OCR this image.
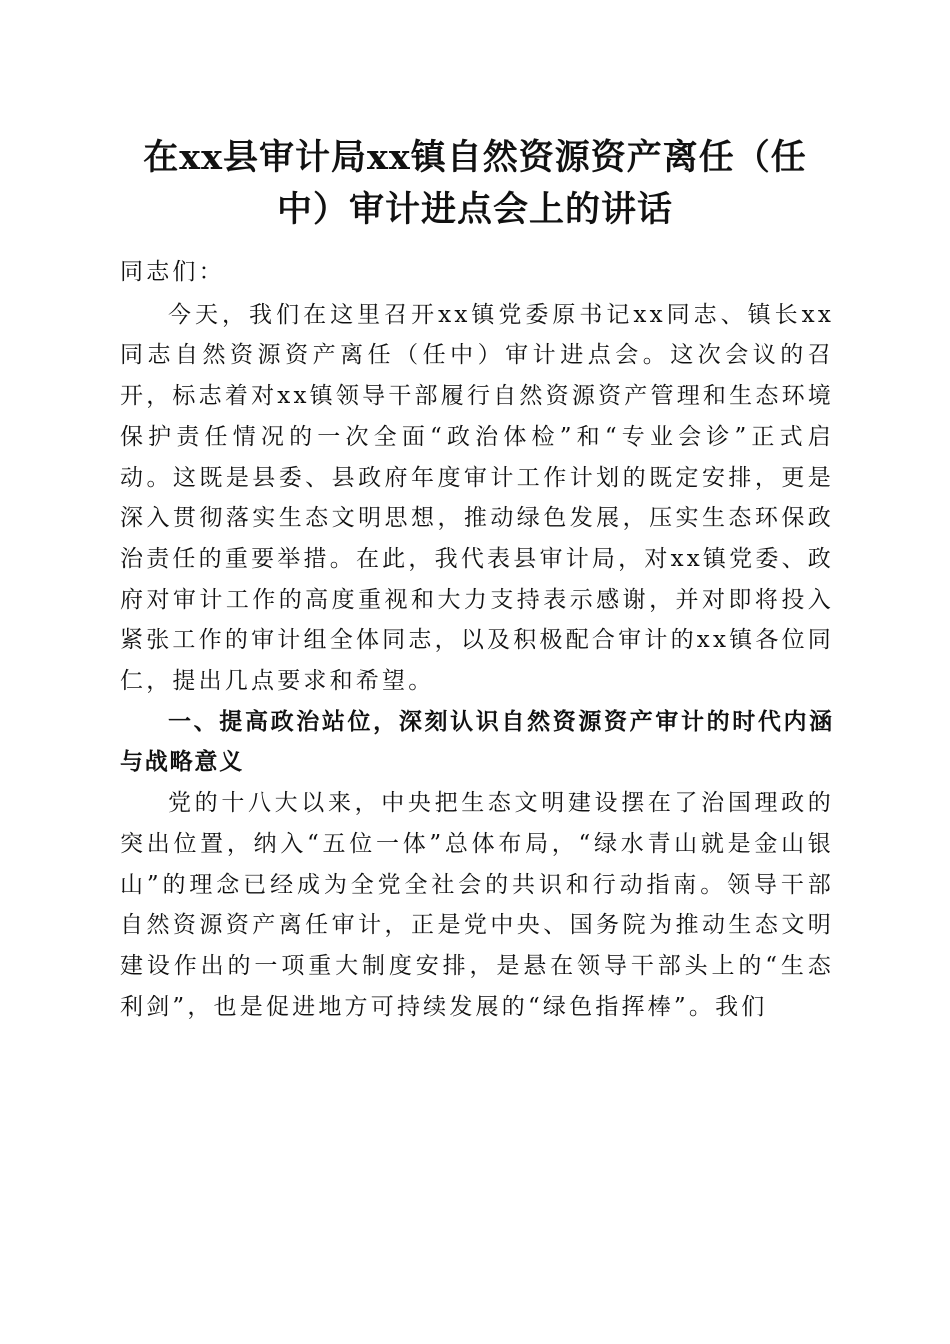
在xx县审计局xx镇自然资源资产离任（任
中）审计进点会上的讲话

同志们：

今天，我们在这里召开xx镇党委原书记xx同志、镇长xx同志自然资源资产离任（任中）审计进点会。这次会议的召开，标志着对xx镇领导干部履行自然资源资产管理和生态环境保护责任情况的一次全面“政治体检”和“专业会诊”正式启动。这既是县委、县政府年度审计工作计划的既定安排，更是深入贯彻落实生态文明思想，推动绿色发展，压实生态环保政治责任的重要举措。在此，我代表县审计局，对xx镇党委、政府对审计工作的高度重视和大力支持表示感谢，并对即将投入紧张工作的审计组全体同志，以及积极配合审计的xx镇各位同仁，提出几点要求和希望。

一、提高政治站位，深刻认识自然资源资产审计的时代内涵与战略意义

党的十八大以来，中央把生态文明建设摆在了治国理政的突出位置，纳入“五位一体”总体布局，“绿水青山就是金山银山”的理念已经成为全党全社会的共识和行动指南。领导干部自然资源资产离任审计，正是党中央、国务院为推动生态文明建设作出的一项重大制度安排，是悬在领导干部头上的“生态利剑”，也是促进地方可持续发展的“绿色指挥棒”。我们
